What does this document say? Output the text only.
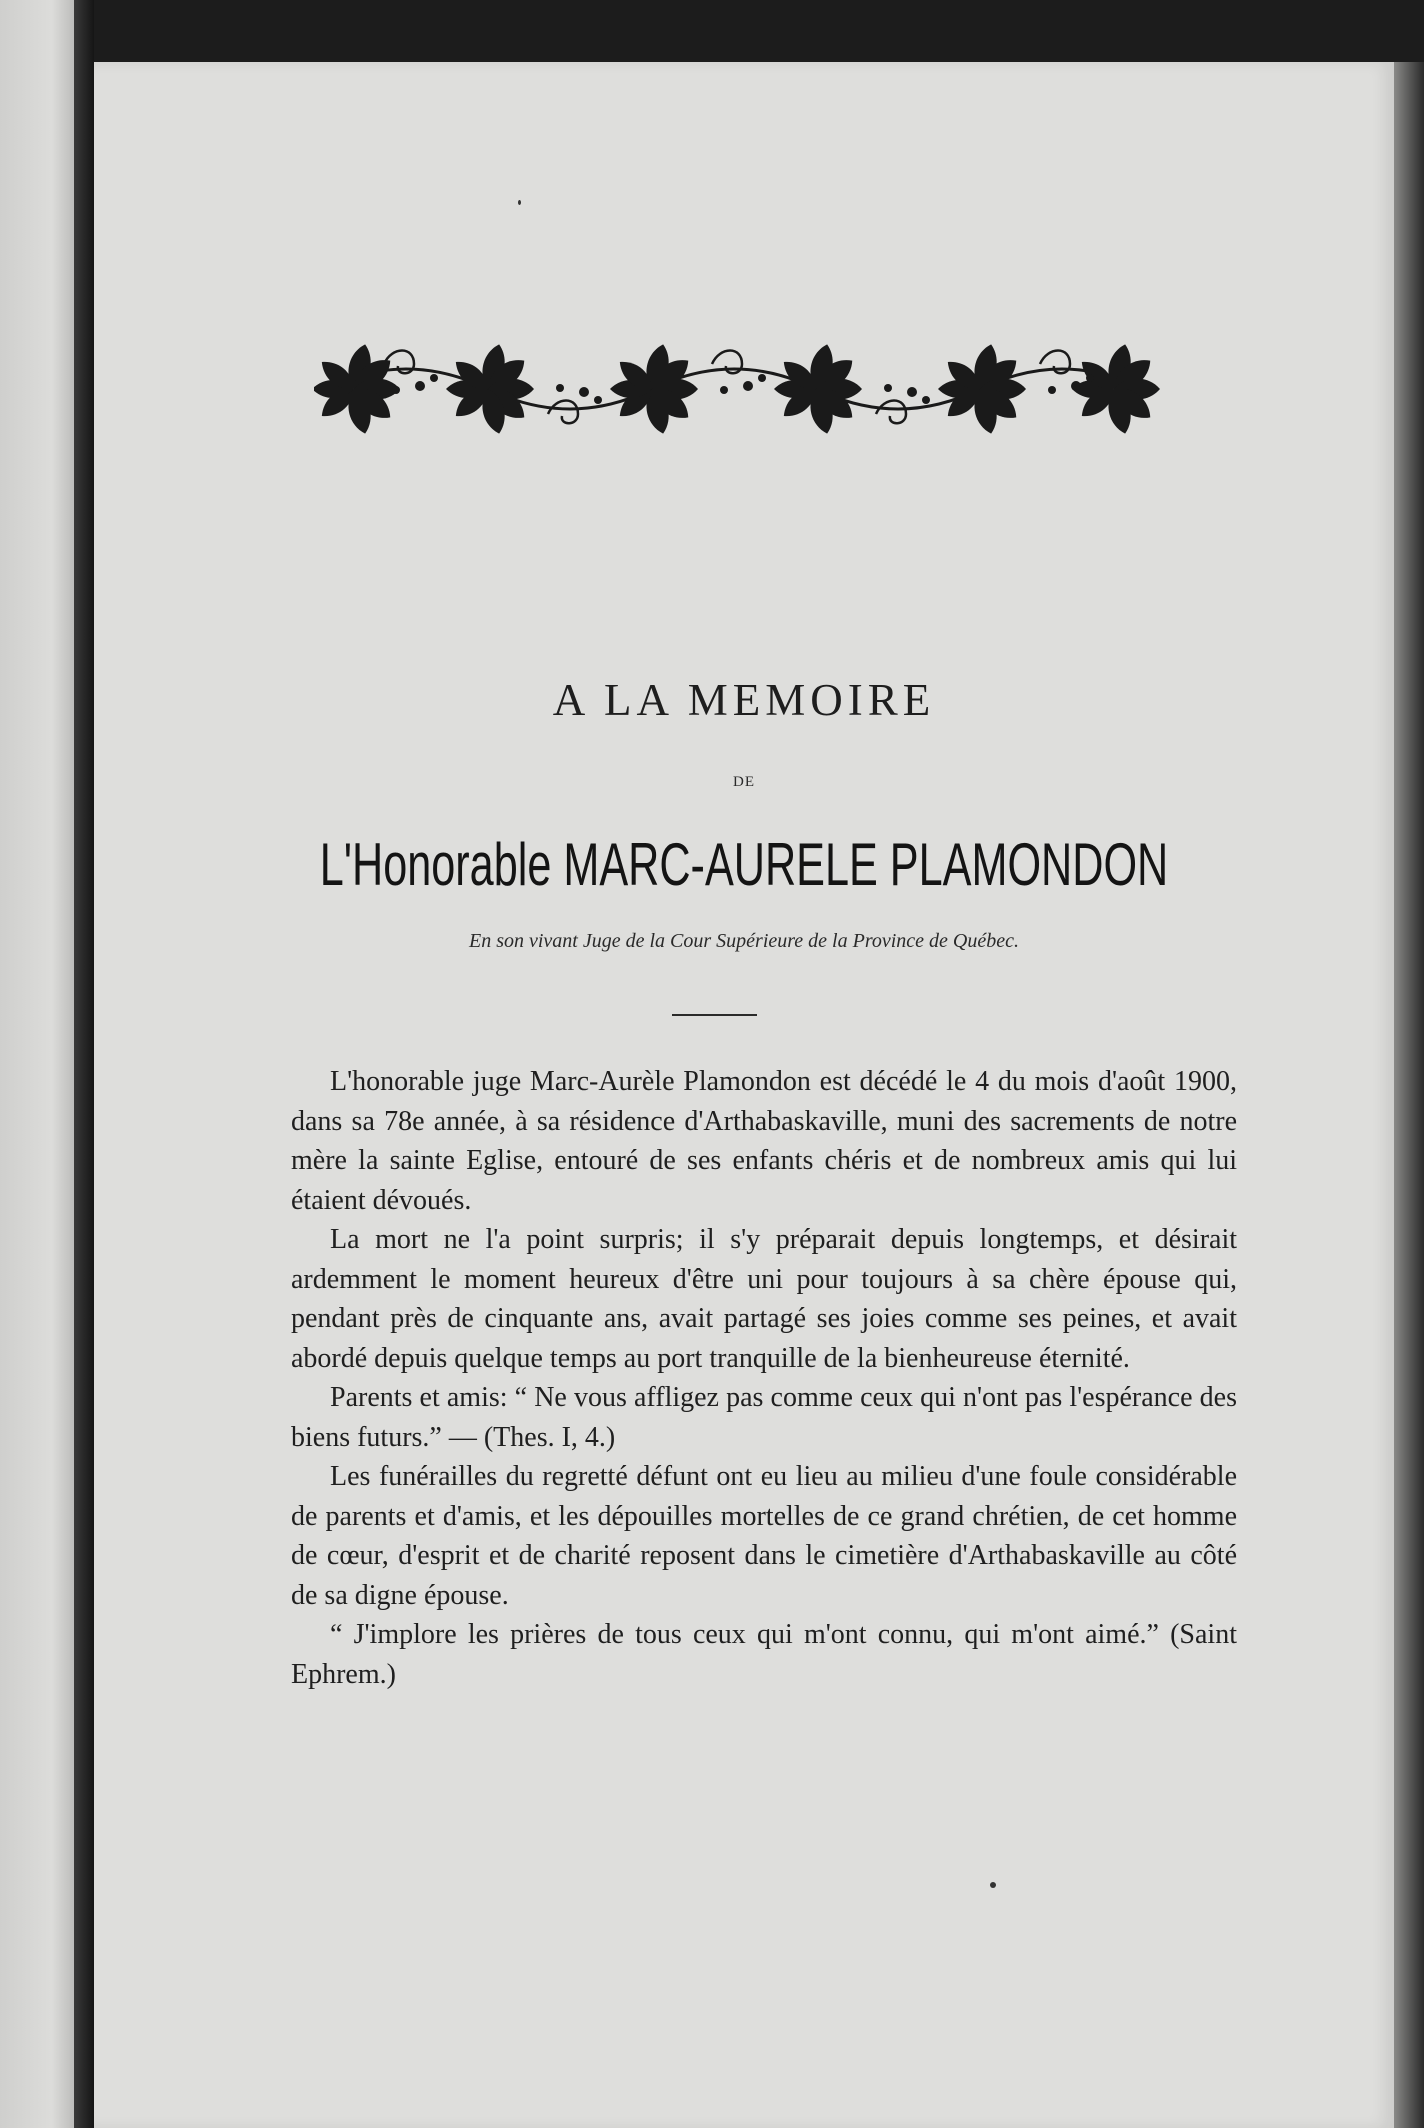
A LA MEMOIRE
DE
L'Honorable MARC-AURELE PLAMONDON
En son vivant Juge de la Cour Supérieure de la Province de Québec.

L'honorable juge Marc-Aurèle Plamondon est décédé le 4 du mois d'août 1900, dans sa 78e année, à sa résidence d'Arthabaskaville, muni des sacrements de notre mère la sainte Eglise, entouré de ses enfants chéris et de nombreux amis qui lui étaient dévoués.

La mort ne l'a point surpris; il s'y préparait depuis longtemps, et désirait ardemment le moment heureux d'être uni pour toujours à sa chère épouse qui, pendant près de cinquante ans, avait partagé ses joies comme ses peines, et avait abordé depuis quelque temps au port tranquille de la bienheureuse éternité.

Parents et amis: “ Ne vous affligez pas comme ceux qui n'ont pas l'espérance des biens futurs.” — (Thes. I, 4.)

Les funérailles du regretté défunt ont eu lieu au milieu d'une foule considérable de parents et d'amis, et les dépouilles mortelles de ce grand chrétien, de cet homme de cœur, d'esprit et de charité reposent dans le cimetière d'Arthabaskaville au côté de sa digne épouse.

“ J'implore les prières de tous ceux qui m'ont connu, qui m'ont aimé.” (Saint Ephrem.)
